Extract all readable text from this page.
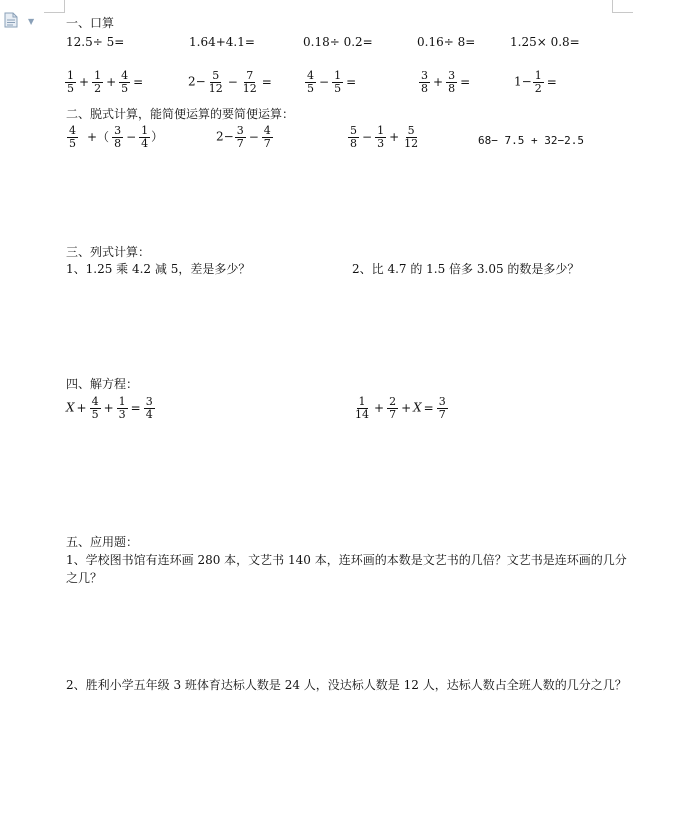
▼	一、口算
12.5÷ 5=	1.64+4.1=	0.18÷ 0.2=	0.16÷ 8=	1.25× 0.8=
$\frac{1}{5} + \frac{1}{2} + \frac{4}{5}$ =	$2- \frac{5}{12} - \frac{7}{12}$ =	$\frac{4}{5} - \frac{1}{5}$ =	$\frac{3}{8} + \frac{3}{8}$ =	$1- \frac{1}{2}$ =
二、脱式计算，能简便运算的要简便运算：
$\frac{4}{5}$ +（ $\frac{3}{8} - \frac{1}{4}$ ）	$2- \frac{3}{7} - \frac{4}{7}$	$\frac{5}{8} - \frac{1}{3} + \frac{5}{12}$	68− 7.5 + 32−2.5
三、列式计算：
1、1.25 乘 4.2 减 5，差是多少？	2、比 4.7 的 1.5 倍多 3.05 的数是多少？
四、解方程：
$X + \frac{4}{5} + \frac{1}{3} = \frac{3}{4}$	$\frac{1}{14} + \frac{2}{7} + X = \frac{3}{7}$
五、应用题：
1、学校图书馆有连环画 280 本，文艺书 140 本，连环画的本数是文艺书的几倍？文艺书是连环画的几分
之几？
2、胜利小学五年级 3 班体育达标人数是 24 人，没达标人数是 12 人，达标人数占全班人数的几分之几？
